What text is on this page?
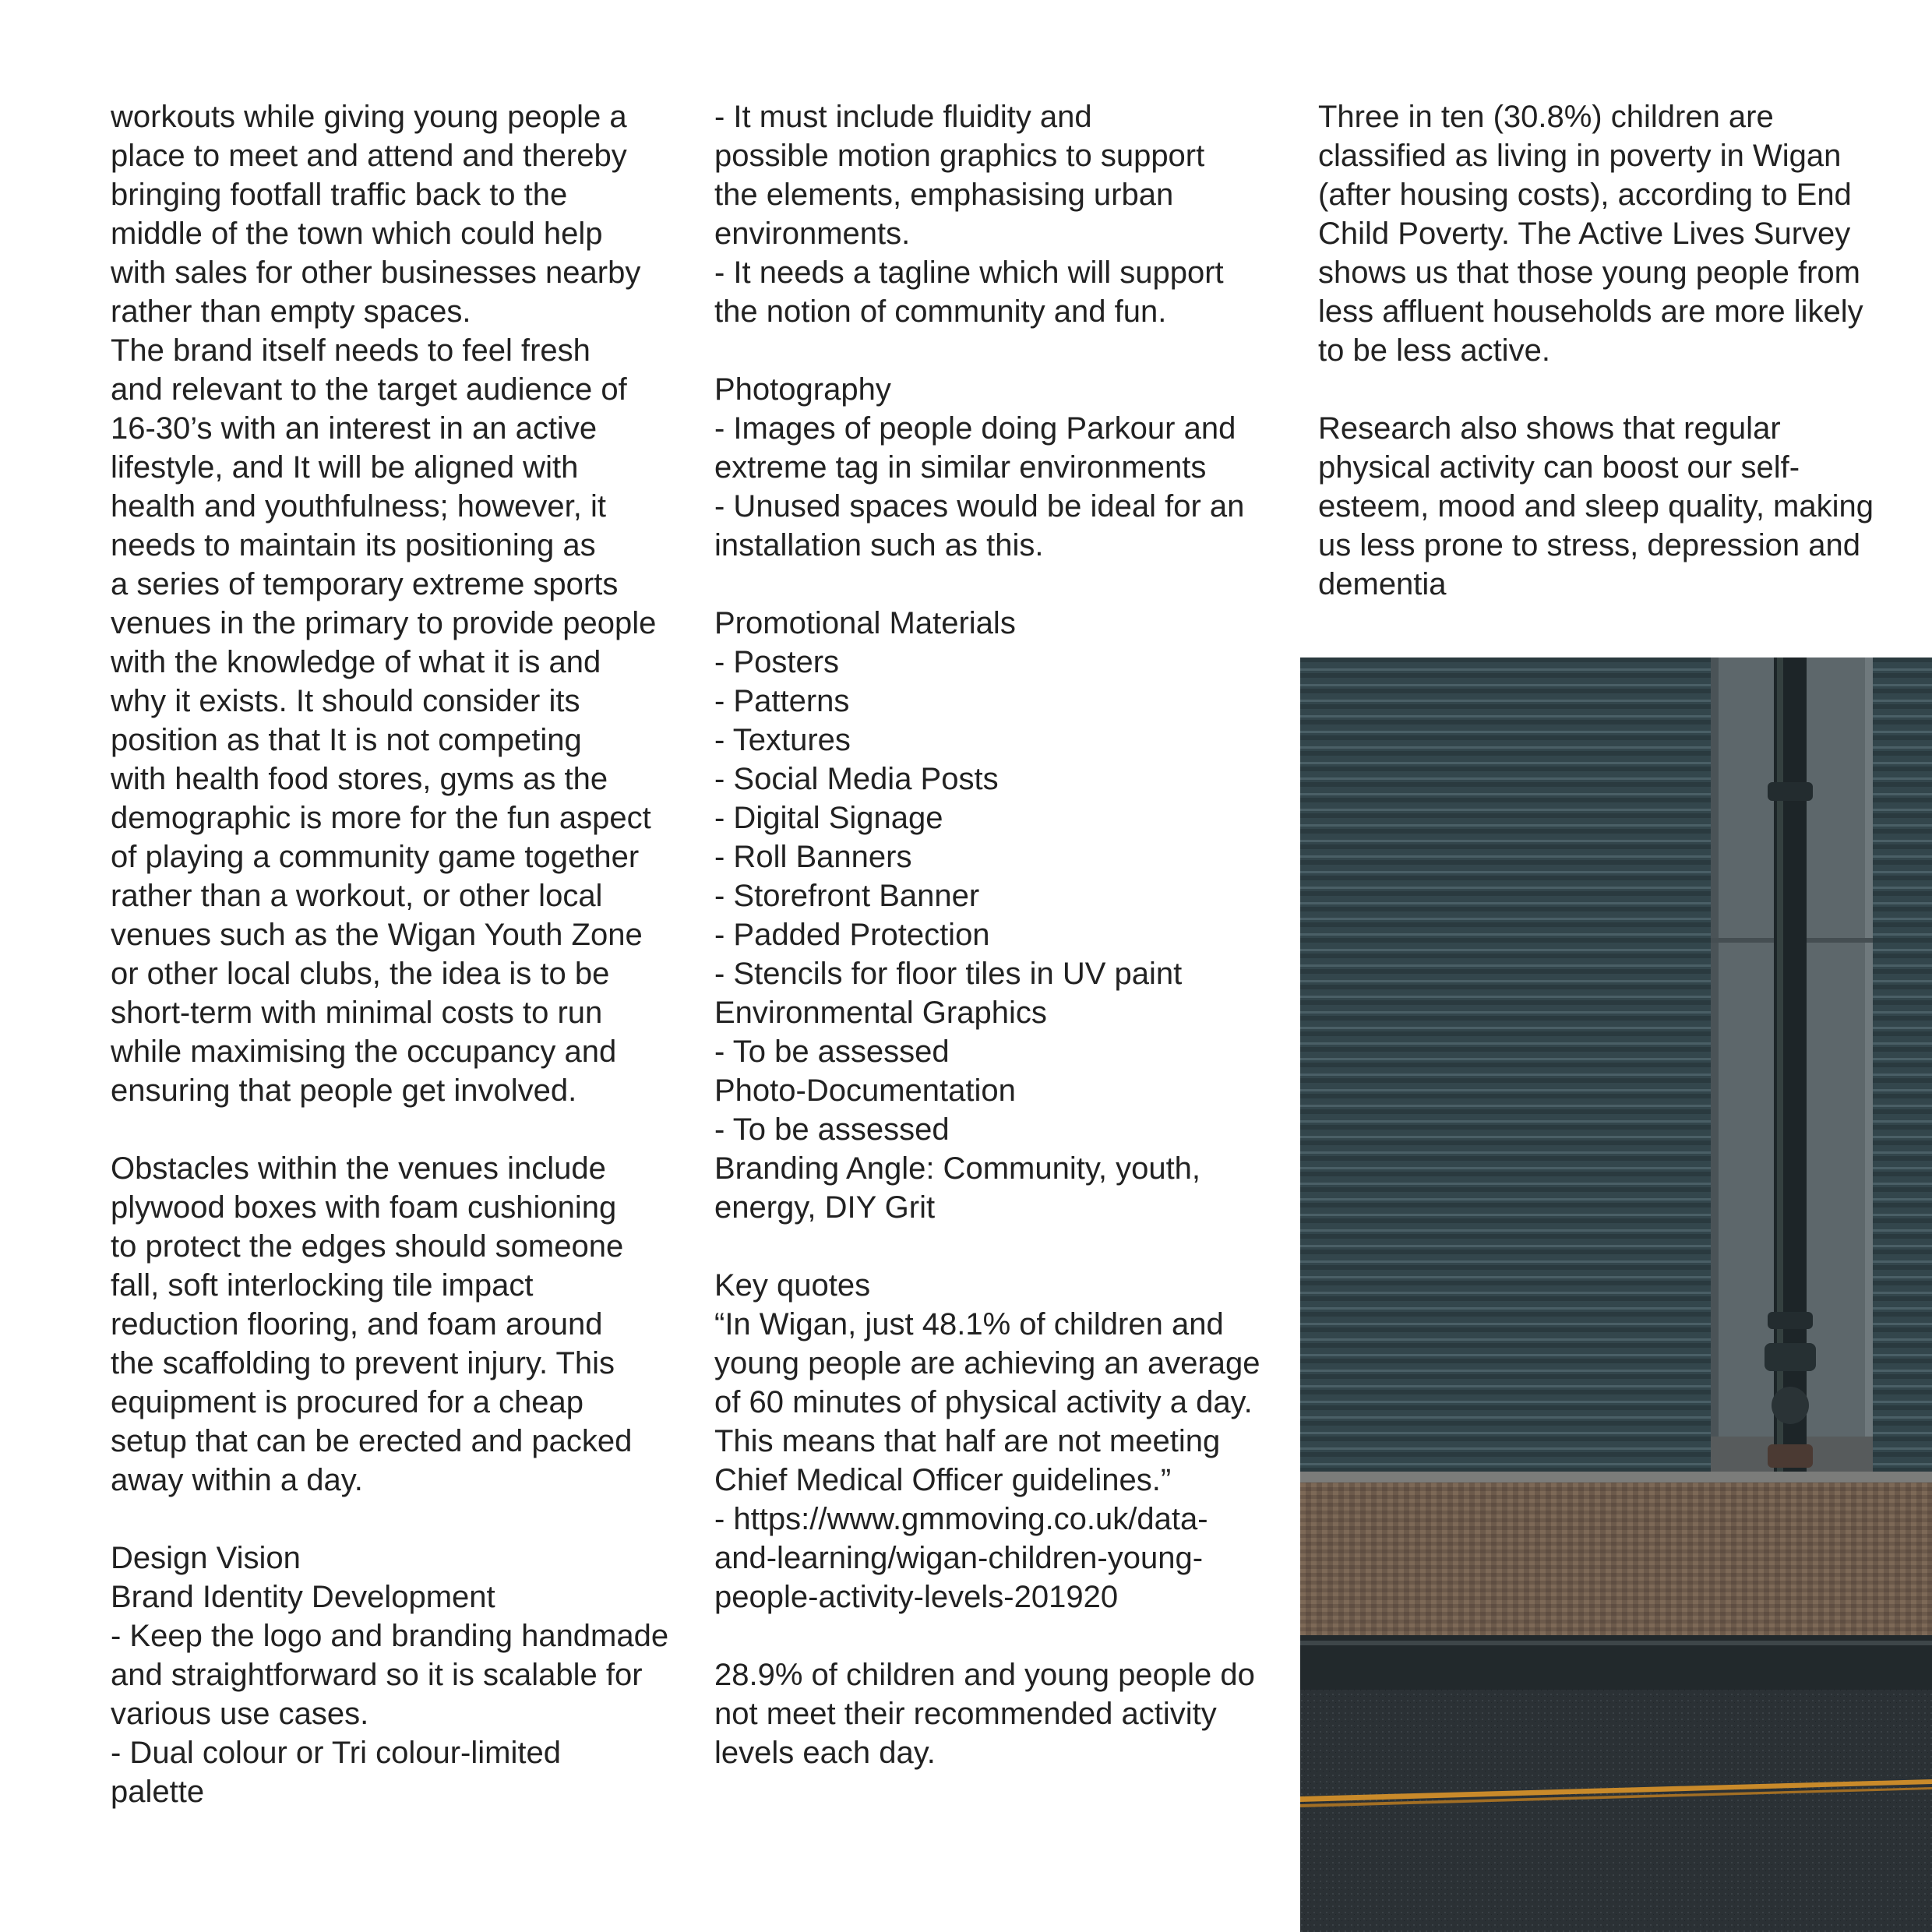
workouts while giving young people a

place to meet and attend and thereby

bringing footfall traffic back to the

middle of the town which could help

with sales for other businesses nearby

rather than empty spaces.

The brand itself needs to feel fresh

and relevant to the target audience of

16-30’s with an interest in an active

lifestyle, and It will be aligned with

health and youthfulness; however, it

needs to maintain its positioning as

a series of temporary extreme sports

venues in the primary to provide people

with the knowledge of what it is and

why it exists. It should consider its

position as that It is not competing

with health food stores, gyms as the

demographic is more for the fun aspect

of playing a community game together

rather than a workout, or other local

venues such as the Wigan Youth Zone

or other local clubs, the idea is to be

short-term with minimal costs to run

while maximising the occupancy and

ensuring that people get involved.

Obstacles within the venues include

plywood boxes with foam cushioning

to protect the edges should someone

fall, soft interlocking tile impact

reduction flooring, and foam around

the scaffolding to prevent injury. This

equipment is procured for a cheap

setup that can be erected and packed

away within a day.

Design Vision

Brand Identity Development

- Keep the logo and branding handmade

and straightforward so it is scalable for

various use cases.

- Dual colour or Tri colour-limited

palette

- It must include fluidity and

possible motion graphics to support

the elements, emphasising urban

environments.

- It needs a tagline which will support

the notion of community and fun.

Photography

- Images of people doing Parkour and

extreme tag in similar environments

- Unused spaces would be ideal for an

installation such as this.

Promotional Materials

- Posters

- Patterns

- Textures

- Social Media Posts

- Digital Signage

- Roll Banners

- Storefront Banner

- Padded Protection

- Stencils for floor tiles in UV paint

Environmental Graphics

- To be assessed

Photo-Documentation

- To be assessed

Branding Angle: Community, youth,

energy, DIY Grit

Key quotes

“In Wigan, just 48.1% of children and

young people are achieving an average

of 60 minutes of physical activity a day.

This means that half are not meeting

Chief Medical Officer guidelines.”

- https://www.gmmoving.co.uk/data-

and-learning/wigan-children-young-

people-activity-levels-201920

28.9% of children and young people do

not meet their recommended activity

levels each day.

Three in ten (30.8%) children are

classified as living in poverty in Wigan

(after housing costs), according to End

Child Poverty. The Active Lives Survey

shows us that those young people from

less affluent households are more likely

to be less active.

Research also shows that regular

physical activity can boost our self-

esteem, mood and sleep quality, making

us less prone to stress, depression and

dementia
